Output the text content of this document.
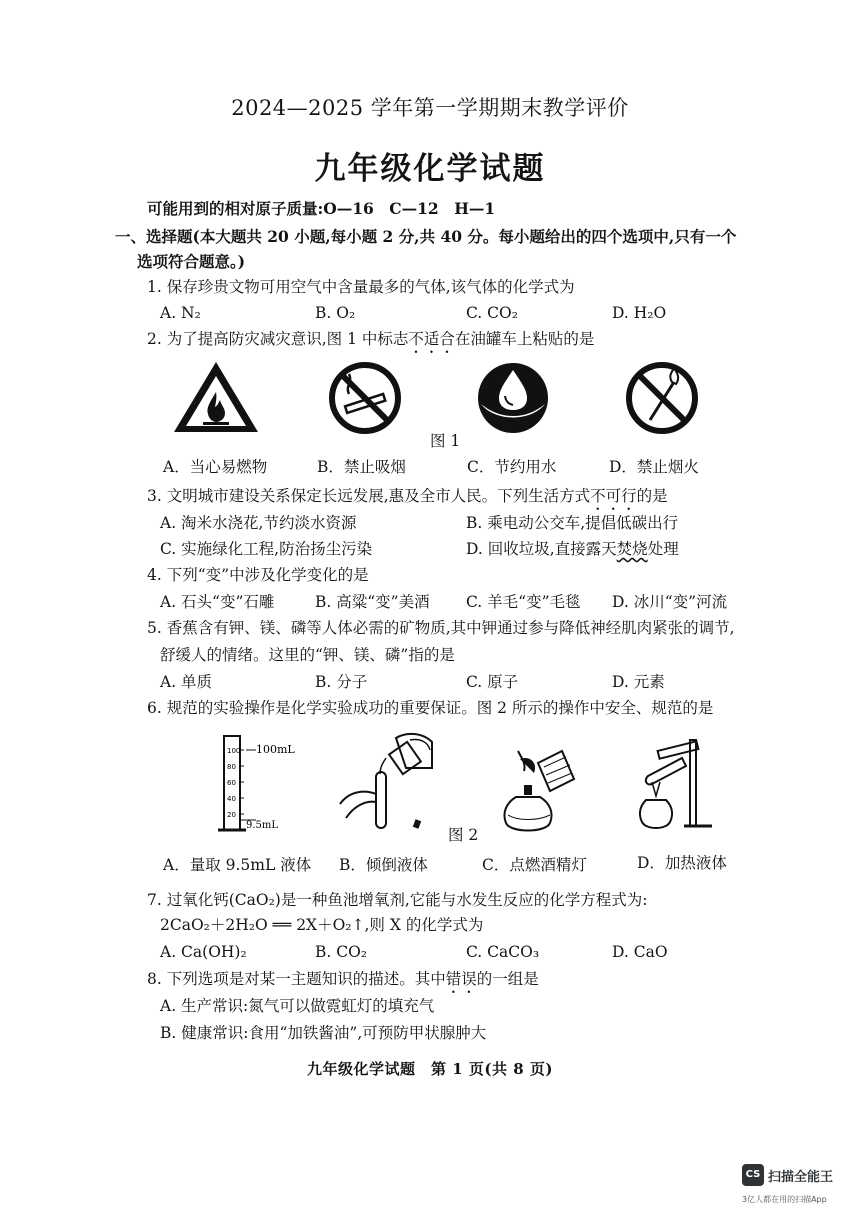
2024—2025 学年第一学期期末教学评价
九年级化学试题
可能用到的相对原子质量:O—16　C—12　H—1
一、选择题(本大题共 20 小题,每小题 2 分,共 40 分。每小题给出的四个选项中,只有一个
选项符合题意。)
1. 保存珍贵文物可用空气中含量最多的气体,该气体的化学式为
A. N₂	B. O₂	C. CO₂	D. H₂O
2. 为了提高防灾减灾意识,图 1 中标志不适合在油罐车上粘贴的是
图 1
A．当心易燃物	B．禁止吸烟	C．节约用水	D．禁止烟火
3. 文明城市建设关系保定长远发展,惠及全市人民。下列生活方式不可行的是
A. 淘米水浇花,节约淡水资源	B. 乘电动公交车,提倡低碳出行
C. 实施绿化工程,防治扬尘污染	D. 回收垃圾,直接露天焚烧处理
4. 下列“变”中涉及化学变化的是
A. 石头“变”石雕	B. 高粱“变”美酒 C. 羊毛“变”毛毯 D. 冰川“变”河流
5. 香蕉含有钾、镁、磷等人体必需的矿物质,其中钾通过参与降低神经肌肉紧张的调节,
舒缓人的情绪。这里的“钾、镁、磷”指的是
A. 单质	B. 分子	C. 原子	D. 元素
6. 规范的实验操作是化学实验成功的重要保证。图 2 所示的操作中安全、规范的是
100
80
60
40
20
100mL
9.5mL
图 2
A．量取 9.5mL 液体 B．倾倒液体	C．点燃酒精灯	D．加热液体
7. 过氧化钙(CaO₂)是一种鱼池增氧剂,它能与水发生反应的化学方程式为:
2CaO₂＋2H₂O ══ 2X＋O₂↑,则 X 的化学式为
A. Ca(OH)₂	B. CO₂	C. CaCO₃	D. CaO
8. 下列选项是对某一主题知识的描述。其中错误的一组是
A. 生产常识:氮气可以做霓虹灯的填充气
B. 健康常识:食用“加铁酱油”,可预防甲状腺肿大
九年级化学试题　第 1 页(共 8 页)
CS 扫描全能王
3亿人都在用的扫描App
